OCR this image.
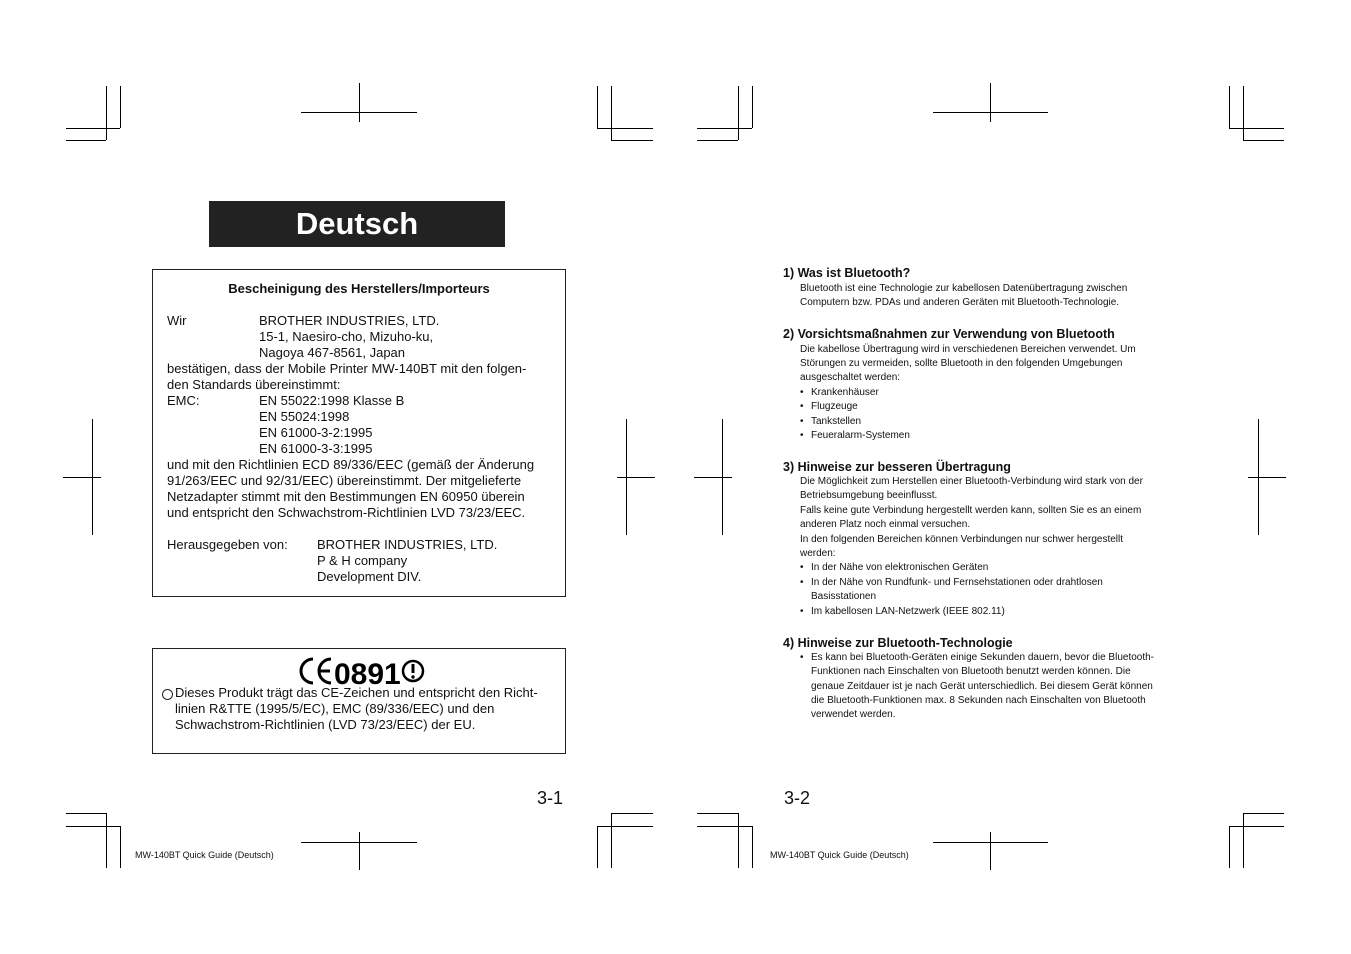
Deutsch
Bescheinigung des Herstellers/Importeurs
Wir	BROTHER INDUSTRIES, LTD.
15-1, Naesiro-cho, Mizuho-ku,
Nagoya 467-8561, Japan
bestätigen, dass der Mobile Printer MW-140BT mit den folgen-
den Standards übereinstimmt:
EMC:	EN 55022:1998 Klasse B
EN 55024:1998
EN 61000-3-2:1995
EN 61000-3-3:1995
und mit den Richtlinien ECD 89/336/EEC (gemäß der Änderung
91/263/EEC und 92/31/EEC) übereinstimmt. Der mitgelieferte
Netzadapter stimmt mit den Bestimmungen EN 60950 überein
und entspricht den Schwachstrom-Richtlinien LVD 73/23/EEC.
Herausgegeben von: BROTHER INDUSTRIES, LTD.
P & H company
Development DIV.
0891
Dieses Produkt trägt das CE-Zeichen und entspricht den Richt-
linien R&TTE (1995/5/EC), EMC (89/336/EEC) und den
Schwachstrom-Richtlinien (LVD 73/23/EEC) der EU.
3-1
MW-140BT Quick Guide (Deutsch)
1) Was ist Bluetooth?
Bluetooth ist eine Technologie zur kabellosen Datenübertragung zwischen
Computern bzw. PDAs und anderen Geräten mit Bluetooth-Technologie.
2) Vorsichtsmaßnahmen zur Verwendung von Bluetooth
Die kabellose Übertragung wird in verschiedenen Bereichen verwendet. Um
Störungen zu vermeiden, sollte Bluetooth in den folgenden Umgebungen
ausgeschaltet werden:
• Krankenhäuser
• Flugzeuge
• Tankstellen
• Feueralarm-Systemen
3) Hinweise zur besseren Übertragung
Die Möglichkeit zum Herstellen einer Bluetooth-Verbindung wird stark von der
Betriebsumgebung beeinflusst.
Falls keine gute Verbindung hergestellt werden kann, sollten Sie es an einem
anderen Platz noch einmal versuchen.
In den folgenden Bereichen können Verbindungen nur schwer hergestellt
werden:
• In der Nähe von elektronischen Geräten
• In der Nähe von Rundfunk- und Fernsehstationen oder drahtlosen
Basisstationen
• Im kabellosen LAN-Netzwerk (IEEE 802.11)
4) Hinweise zur Bluetooth-Technologie
• Es kann bei Bluetooth-Geräten einige Sekunden dauern, bevor die Bluetooth-
Funktionen nach Einschalten von Bluetooth benutzt werden können. Die
genaue Zeitdauer ist je nach Gerät unterschiedlich. Bei diesem Gerät können
die Bluetooth-Funktionen max. 8 Sekunden nach Einschalten von Bluetooth
verwendet werden.
3-2
MW-140BT Quick Guide (Deutsch)
